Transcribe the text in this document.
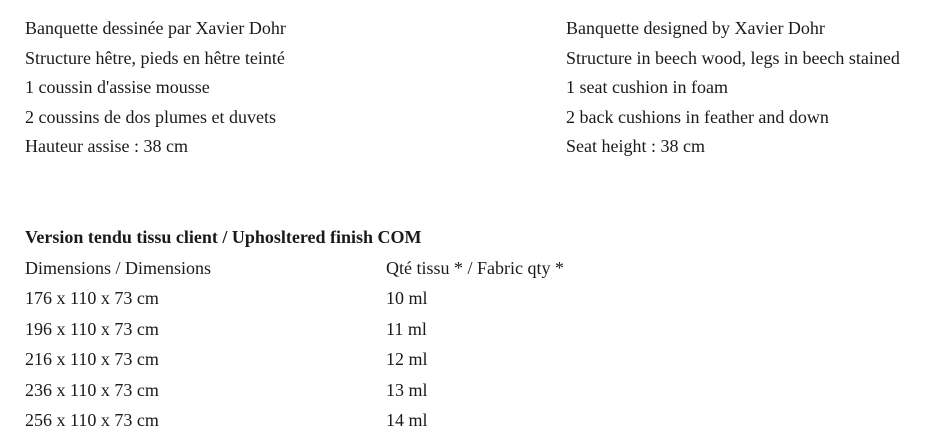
Banquette dessinée par Xavier Dohr
Structure hêtre, pieds en hêtre teinté
1 coussin d'assise mousse
2 coussins de dos plumes et duvets
Hauteur assise : 38 cm
Banquette designed by Xavier Dohr
Structure in beech wood, legs in beech stained
1 seat cushion in foam
2 back cushions in feather and down
Seat height : 38 cm
Version tendu tissu client / Uphosltered finish COM
Dimensions / Dimensions	Qté tissu * / Fabric qty *
176 x 110 x 73 cm	10 ml
196 x 110 x 73 cm	11 ml
216 x 110 x 73 cm	12 ml
236 x 110 x 73 cm	13 ml
256 x 110 x 73 cm	14 ml
